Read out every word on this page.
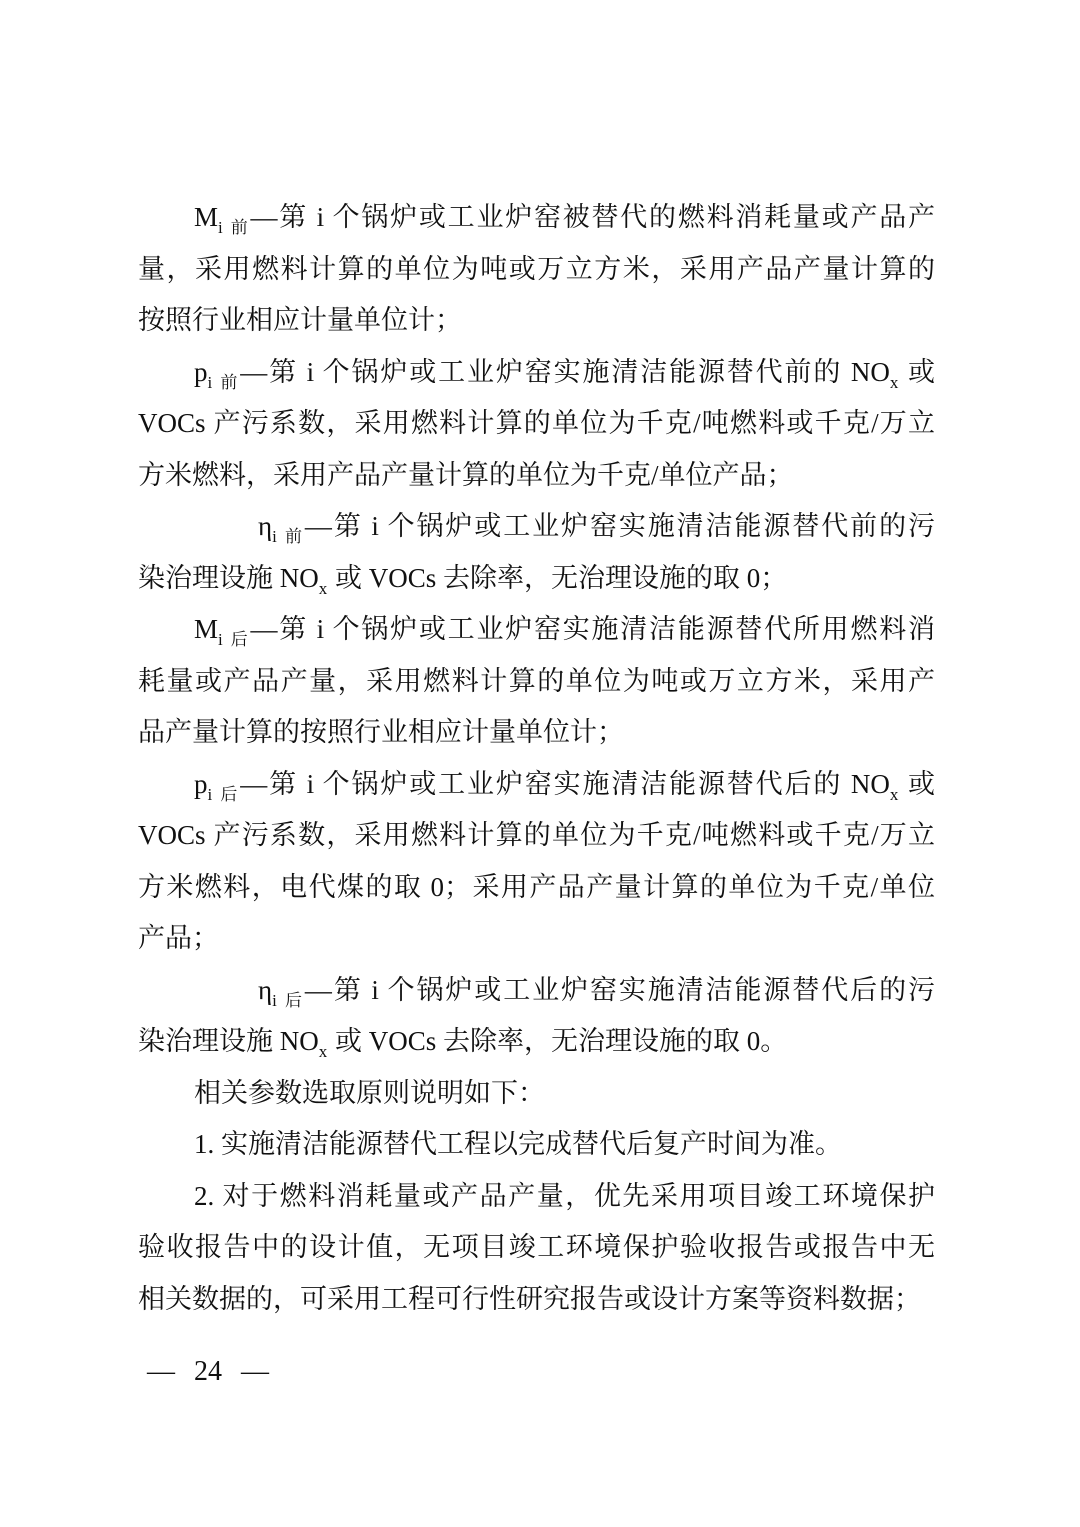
$M_{i 前}—$第 i 个锅炉或工业炉窑被替代的燃料消耗量或产品产
量，采用燃料计算的单位为吨或万立方米，采用产品产量计算的
按照行业相应计量单位计；
$p_{i 前}—$第 i 个锅炉或工业炉窑实施清洁能源替代前的 $NO_x$ 或
VOCs 产污系数，采用燃料计算的单位为千克/吨燃料或千克/万立
方米燃料，采用产品产量计算的单位为千克/单位产品；
$\eta_{i 前}—$第 i 个锅炉或工业炉窑实施清洁能源替代前的污
染治理设施 $NO_x$ 或 VOCs 去除率，无治理设施的取 0；
$M_{i 后}—$第 i 个锅炉或工业炉窑实施清洁能源替代所用燃料消
耗量或产品产量，采用燃料计算的单位为吨或万立方米，采用产
品产量计算的按照行业相应计量单位计；
$p_{i 后}—$第 i 个锅炉或工业炉窑实施清洁能源替代后的 $NO_x$ 或
VOCs 产污系数，采用燃料计算的单位为千克/吨燃料或千克/万立
方米燃料，电代煤的取 0；采用产品产量计算的单位为千克/单位
产品；
$\eta_{i 后}—$第 i 个锅炉或工业炉窑实施清洁能源替代后的污
染治理设施 $NO_x$ 或 VOCs 去除率，无治理设施的取 0。
相关参数选取原则说明如下：
1. 实施清洁能源替代工程以完成替代后复产时间为准。
2. 对于燃料消耗量或产品产量，优先采用项目竣工环境保护
验收报告中的设计值，无项目竣工环境保护验收报告或报告中无
相关数据的，可采用工程可行性研究报告或设计方案等资料数据；
— 24 —
